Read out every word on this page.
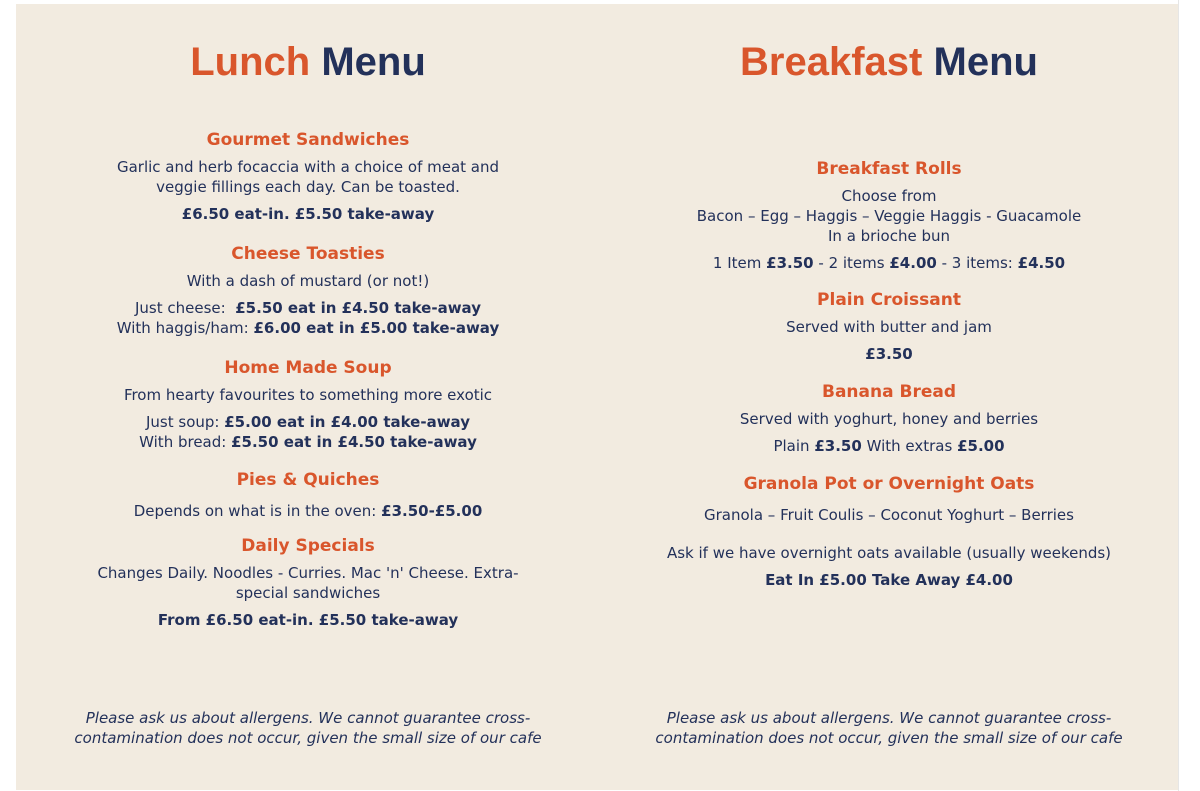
Lunch Menu

Gourmet Sandwiches

Garlic and herb focaccia with a choice of meat and
veggie fillings each day. Can be toasted.

£6.50 eat-in. £5.50 take-away

Cheese Toasties

With a dash of mustard (or not!)

Just cheese: £5.50 eat in £4.50 take-away
With haggis/ham: £6.00 eat in £5.00 take-away

Home Made Soup

From hearty favourites to something more exotic

Just soup: £5.00 eat in £4.00 take-away
With bread: £5.50 eat in £4.50 take-away

Pies & Quiches

Depends on what is in the oven: £3.50-£5.00

Daily Specials

Changes Daily. Noodles - Curries. Mac 'n' Cheese. Extra-
special sandwiches

From £6.50 eat-in. £5.50 take-away

Please ask us about allergens. We cannot guarantee cross-
contamination does not occur, given the small size of our cafe

Breakfast Menu

Breakfast Rolls

Choose from
Bacon – Egg – Haggis – Veggie Haggis - Guacamole
In a brioche bun

1 Item £3.50 - 2 items £4.00 - 3 items: £4.50

Plain Croissant

Served with butter and jam

£3.50

Banana Bread

Served with yoghurt, honey and berries

Plain £3.50 With extras £5.00

Granola Pot or Overnight Oats

Granola – Fruit Coulis – Coconut Yoghurt – Berries

Ask if we have overnight oats available (usually weekends)

Eat In £5.00 Take Away £4.00

Please ask us about allergens. We cannot guarantee cross-
contamination does not occur, given the small size of our cafe
